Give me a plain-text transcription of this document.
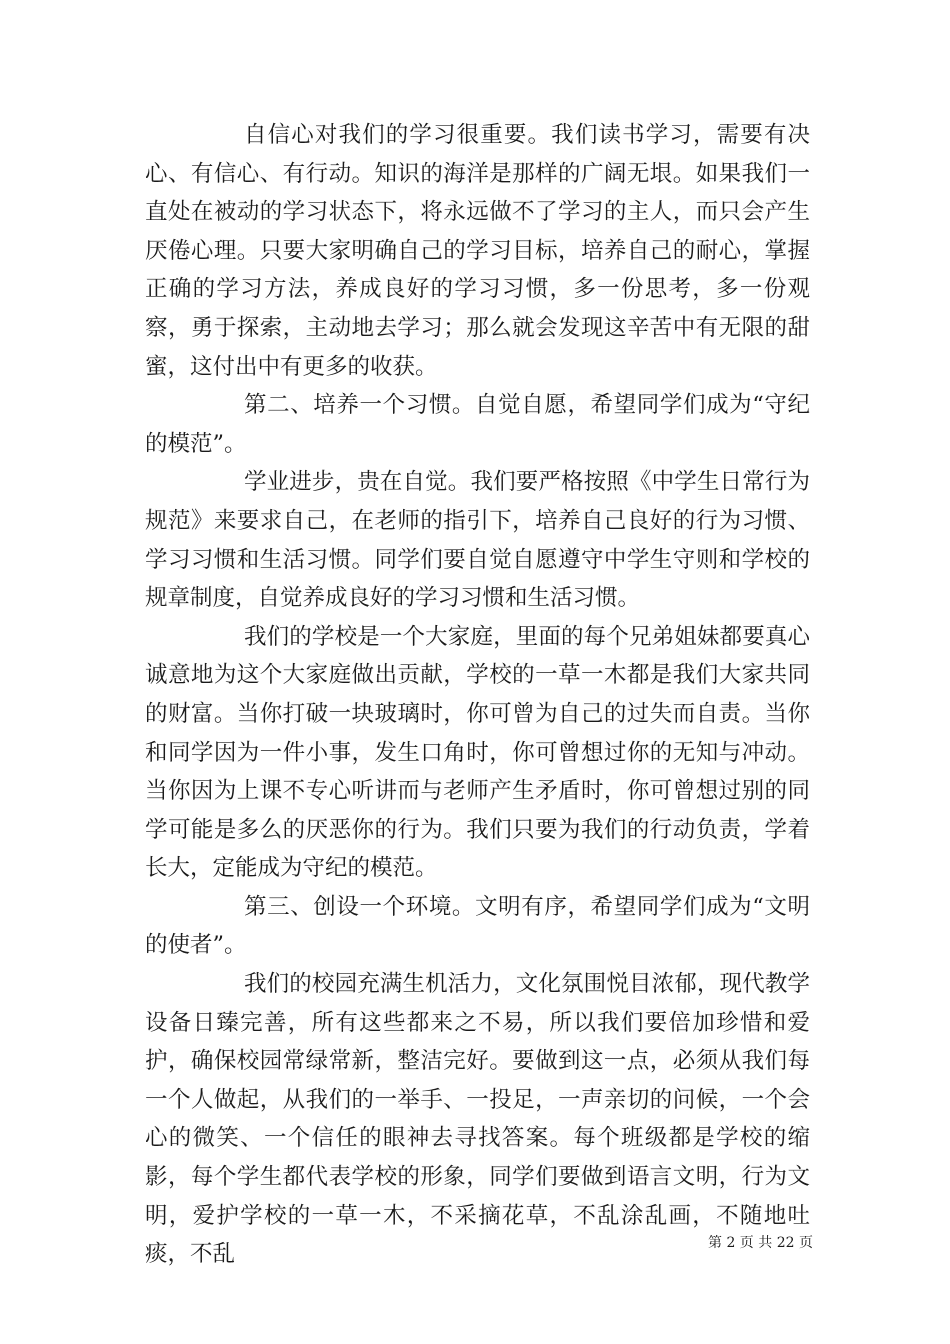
自信心对我们的学习很重要。我们读书学习，需要有决心、有信心、有行动。知识的海洋是那样的广阔无垠。如果我们一直处在被动的学习状态下，将永远做不了学习的主人，而只会产生厌倦心理。只要大家明确自己的学习目标，培养自己的耐心，掌握正确的学习方法，养成良好的学习习惯，多一份思考，多一份观察，勇于探索，主动地去学习；那么就会发现这辛苦中有无限的甜蜜，这付出中有更多的收获。

第二、培养一个习惯。自觉自愿，希望同学们成为“守纪的模范”。

学业进步，贵在自觉。我们要严格按照《中学生日常行为规范》来要求自己，在老师的指引下，培养自己良好的行为习惯、学习习惯和生活习惯。同学们要自觉自愿遵守中学生守则和学校的规章制度，自觉养成良好的学习习惯和生活习惯。

我们的学校是一个大家庭，里面的每个兄弟姐妹都要真心诚意地为这个大家庭做出贡献，学校的一草一木都是我们大家共同的财富。当你打破一块玻璃时，你可曾为自己的过失而自责。当你和同学因为一件小事，发生口角时，你可曾想过你的无知与冲动。当你因为上课不专心听讲而与老师产生矛盾时，你可曾想过别的同学可能是多么的厌恶你的行为。我们只要为我们的行动负责，学着长大，定能成为守纪的模范。

第三、创设一个环境。文明有序，希望同学们成为“文明的使者”。

我们的校园充满生机活力，文化氛围悦目浓郁，现代教学设备日臻完善，所有这些都来之不易，所以我们要倍加珍惜和爱护，确保校园常绿常新，整洁完好。要做到这一点，必须从我们每一个人做起，从我们的一举手、一投足，一声亲切的问候，一个会心的微笑、一个信任的眼神去寻找答案。每个班级都是学校的缩影，每个学生都代表学校的形象，同学们要做到语言文明，行为文明，爱护学校的一草一木，不采摘花草，不乱涂乱画，不随地吐痰，不乱	第 2 页 共 22 页
